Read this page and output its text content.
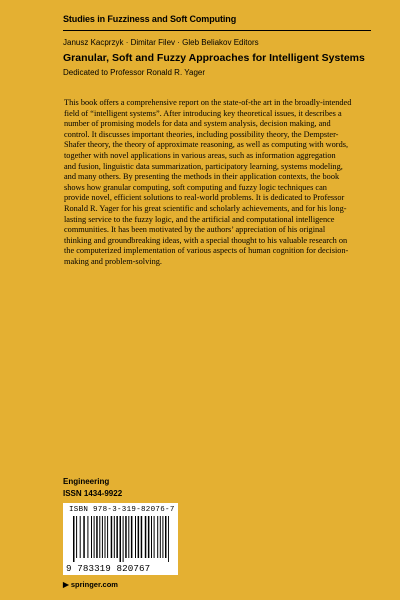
Studies in Fuzziness and Soft Computing
Janusz Kacprzyk · Dimitar Filev · Gleb Beliakov Editors
Granular, Soft and Fuzzy Approaches for Intelligent Systems
Dedicated to Professor Ronald R. Yager

This book offers a comprehensive report on the state-of-the art in the broadly-intended
field of “intelligent systems”. After introducing key theoretical issues, it describes a
number of promising models for data and system analysis, decision making, and
control. It discusses important theories, including possibility theory, the Dempster-
Shafer theory, the theory of approximate reasoning, as well as computing with words,
together with novel applications in various areas, such as information aggregation
and fusion, linguistic data summarization, participatory learning, systems modeling,
and many others. By presenting the methods in their application contexts, the book
shows how granular computing, soft computing and fuzzy logic techniques can
provide novel, efficient solutions to real-world problems. It is dedicated to Professor
Ronald R. Yager for his great scientific and scholarly achievements, and for his long-
lasting service to the fuzzy logic, and the artificial and computational intelligence
communities. It has been motivated by the authors’ appreciation of his original
thinking and groundbreaking ideas, with a special thought to his valuable research on
the computerized implementation of various aspects of human cognition for decision-
making and problem-solving.

Engineering
ISSN 1434-9922
ISBN 978-3-319-82076-7
9 783319 820767
▶ springer.com
